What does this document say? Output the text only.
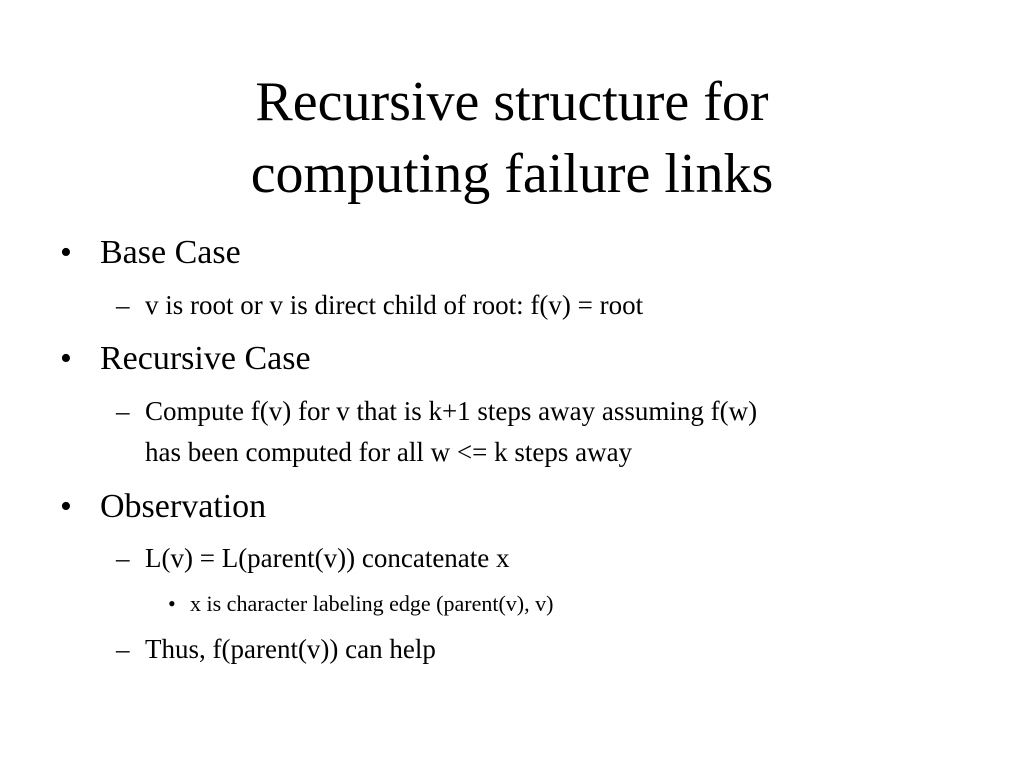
Recursive structure for
computing failure links
• Base Case
– v is root or v is direct child of root: f(v) = root
• Recursive Case
– Compute f(v) for v that is k+1 steps away assuming f(w)
has been computed for all w <= k steps away
• Observation
– L(v) = L(parent(v)) concatenate x
• x is character labeling edge (parent(v), v)
– Thus, f(parent(v)) can help
